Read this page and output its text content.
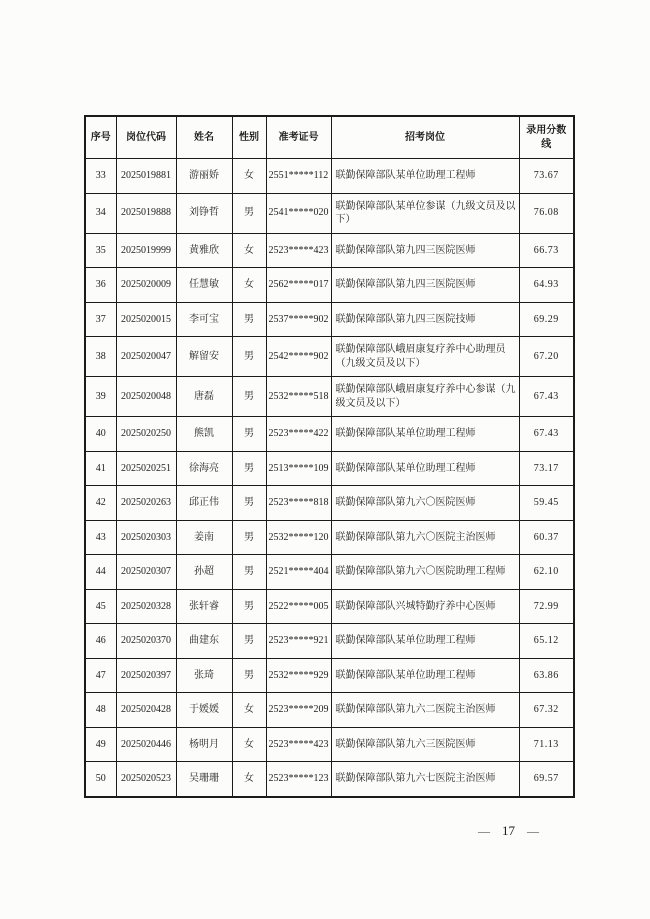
序号	岗位代码	姓名	性别	准考证号	招考岗位	录用分数线
33	2025019881	游丽娇	女	2551*****112	联勤保障部队某单位助理工程师	73.67
34	2025019888	刘铮哲	男	2541*****020	联勤保障部队某单位参谋（九级文员及以下）	76.08
35	2025019999	黄雅欣	女	2523*****423	联勤保障部队第九四三医院医师	66.73
36	2025020009	任慧敏	女	2562*****017	联勤保障部队第九四三医院医师	64.93
37	2025020015	李可宝	男	2537*****902	联勤保障部队第九四三医院技师	69.29
38	2025020047	解留安	男	2542*****902	联勤保障部队峨眉康复疗养中心助理员（九级文员及以下）	67.20
39	2025020048	唐磊	男	2532*****518	联勤保障部队峨眉康复疗养中心参谋（九级文员及以下）	67.43
40	2025020250	熊凯	男	2523*****422	联勤保障部队某单位助理工程师	67.43
41	2025020251	徐海亮	男	2513*****109	联勤保障部队某单位助理工程师	73.17
42	2025020263	邱正伟	男	2523*****818	联勤保障部队第九六〇医院医师	59.45
43	2025020303	姜南	男	2532*****120	联勤保障部队第九六〇医院主治医师	60.37
44	2025020307	孙超	男	2521*****404	联勤保障部队第九六〇医院助理工程师	62.10
45	2025020328	张轩睿	男	2522*****005	联勤保障部队兴城特勤疗养中心医师	72.99
46	2025020370	曲建东	男	2523*****921	联勤保障部队某单位助理工程师	65.12
47	2025020397	张琦	男	2532*****929	联勤保障部队某单位助理工程师	63.86
48	2025020428	于媛媛	女	2523*****209	联勤保障部队第九六二医院主治医师	67.32
49	2025020446	杨明月	女	2523*****423	联勤保障部队第九六三医院医师	71.13
50	2025020523	吴珊珊	女	2523*****123	联勤保障部队第九六七医院主治医师	69.57
— 17 —
